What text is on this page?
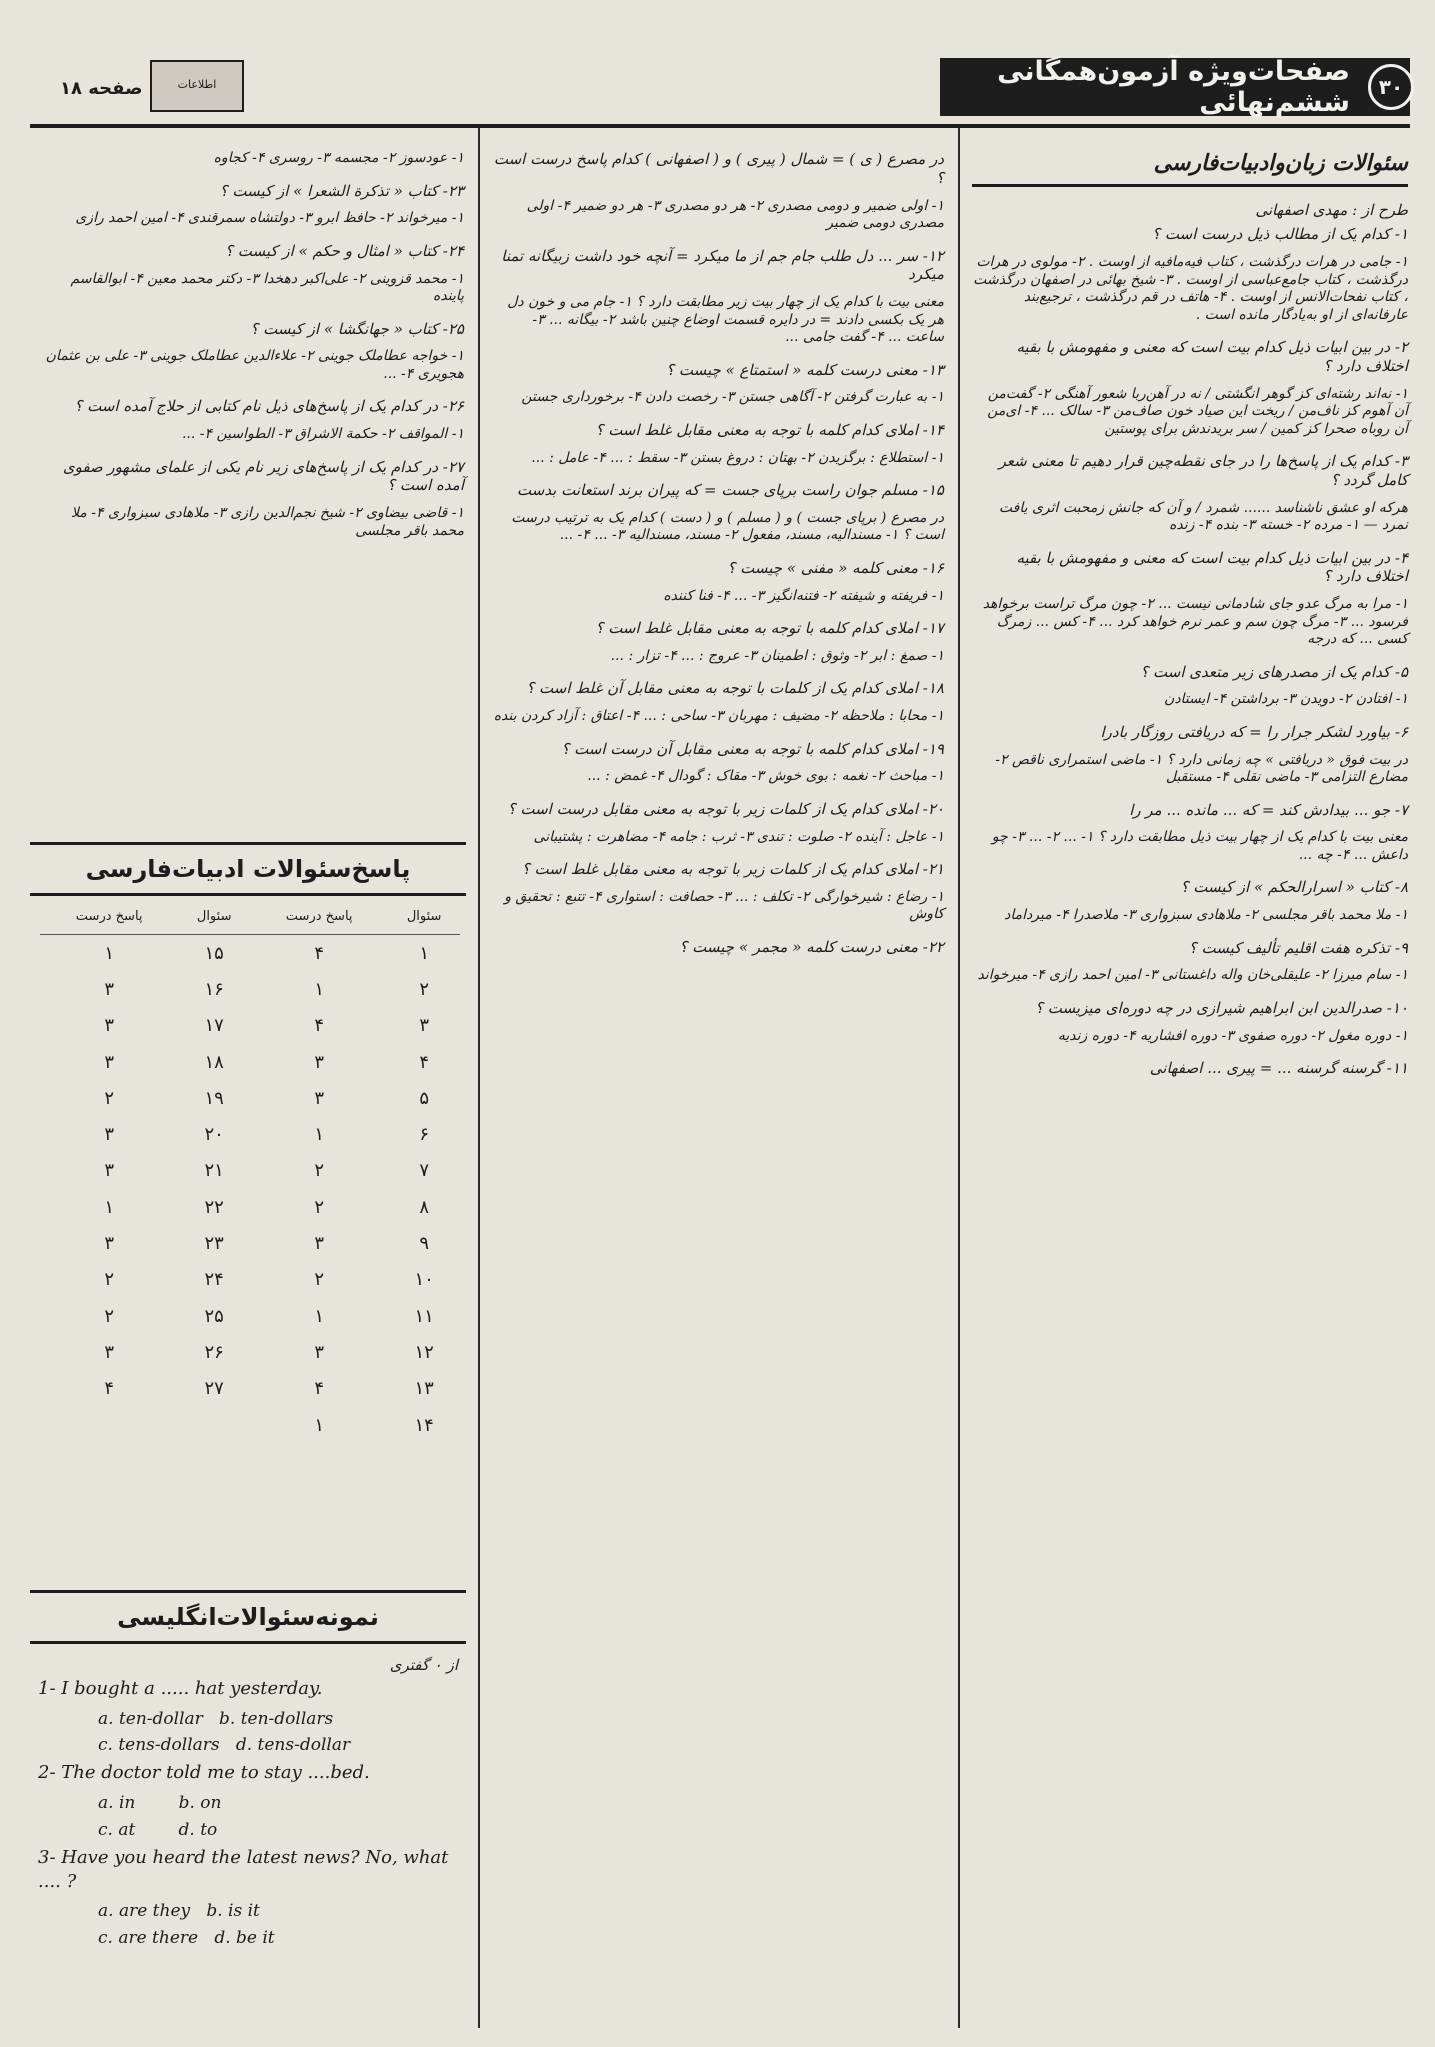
اطلاعات
صفحه ۱۸
صفحات‌ویژه آزمون‌همگانی‌ ششم‌نهائی	۳۰
سئوالات زبان‌وادبیات‌فارسی

طرح از : مهدی اصفهانی

۱- کدام یک از مطالب ذیل درست است ؟

۱- جامی در هرات درگذشت ، کتاب فیه‌مافیه از اوست . ۲- مولوی در هرات درگذشت ، کتاب جامع‌عباسی از اوست . ۳- شیخ بهائی در اصفهان درگذشت ، کتاب نفحات‌الانس از اوست . ۴- هاتف در قم درگذشت ، ترجیع‌بند عارفانه‌ای از او به‌یادگار مانده است .

۲- در بین ابیات ذیل کدام بیت است که معنی و مفهومش با بقیه اختلاف دارد ؟

۱- نه‌اند رشته‌ای کز گوهر انگشتی / نه در آهن‌ربا شعور آهنگی ۲- گفت‌من آن آهوم کز ناف‌من / ریخت این صیاد خون صاف‌من ۳- سالک ... ۴- ای‌من آن روباه صحرا کز کمین / سر بریدندش برای پوستین

۳- کدام یک از پاسخ‌ها را در جای نقطه‌چین قرار دهیم تا معنی شعر کامل گردد ؟

هرکه او عشق ناشناسد ...... شمرد / و آن که جانش زمحبت اثری یافت نمرد — ۱- مرده ۲- خسته ۳- بنده ۴- زنده

۴- در بین ابیات ذیل کدام بیت است که معنی و مفهومش با بقیه اختلاف دارد ؟

۱- مرا به مرگ عدو جای شادمانی نیست ... ۲- چون مرگ تراست برخواهد فرسود ... ۳- مرگ چون سم و عمر نرم خواهد کرد ... ۴- کس ... زمرگ کسی ... که درجه

۵- کدام یک از مصدرهای زیر متعدی است ؟

۱- افتادن ۲- دویدن ۳- برداشتن ۴- ایستادن

۶- بیاورد لشکر جرار را = که دریافتی روزگار بادرا

در بیت فوق « دریافتی » چه زمانی دارد ؟ ۱- ماضی استمراری ناقص ۲- مضارع التزامی ۳- ماضی نقلی ۴- مستقبل

۷- جو ... بیدادش کند = که ... مانده ... مر را

معنی بیت با کدام یک از چهار بیت ذیل مطابقت دارد ؟ ۱- ... ۲- ... ۳- چو داعش ... ۴- چه ...

۸- کتاب « اسرارالحکم » از کیست ؟

۱- ملا محمد باقر مجلسی ۲- ملاهادی سبزواری ۳- ملاصدرا ۴- میرداماد

۹- تذکره هفت اقلیم تألیف کیست ؟

۱- سام میرزا ۲- علیقلی‌خان واله داغستانی ۳- امین احمد رازی ۴- میرخواند

۱۰- صدرالدین ابن ابراهیم شیرازی در چه دوره‌ای میزیست ؟

۱- دوره مغول ۲- دوره صفوی ۳- دوره افشاریه ۴- دوره زندیه

۱۱- گرسنه گرسنه ... = پیری ... اصفهانی

در مصرع ( ی ) = شمال ( پیری ) و ( اصفهانی ) کدام پاسخ درست است ؟

۱- اولی ضمیر و دومی مصدری ۲- هر دو مصدری ۳- هر دو ضمیر ۴- اولی مصدری دومی ضمیر

۱۲- سر ... دل طلب جام جم از ما میکرد = آنچه خود داشت زبیگانه تمنا میکرد

معنی بیت با کدام یک از چهار بیت زیر مطابقت دارد ؟ ۱- جام می و خون دل هر یک بکسی دادند = در دایره قسمت اوضاع چنین باشد ۲- بیگانه ... ۳- ساعت ... ۴- گفت جامی ...

۱۳- معنی درست کلمه « استمتاع » چیست ؟

۱- به عبارت گرفتن ۲- آگاهی جستن ۳- رخصت دادن ۴- برخورداری جستن

۱۴- املای کدام کلمه با توجه به معنی مقابل غلط است ؟

۱- استطلاع : برگزیدن ۲- بهتان : دروغ بستن ۳- سقط : ... ۴- عامل : ...

۱۵- مسلم جوان راست برپای جست = که پیران برند استعانت بدست

در مصرع ( برپای جست ) و ( مسلم ) و ( دست ) کدام یک به ترتیب درست است ؟ ۱- مسندالیه، مسند، مفعول ۲- مسند، مسندالیه ۳- ... ۴- ...

۱۶- معنی کلمه « مفنی » چیست ؟

۱- فریفته و شیفته ۲- فتنه‌انگیز ۳- ... ۴- فنا کننده

۱۷- املای کدام کلمه با توجه به معنی مقابل غلط است ؟

۱- صمغ : ابر ۲- وثوق : اطمینان ۳- عروج : ... ۴- تزار : ...

۱۸- املای کدام یک از کلمات با توجه به معنی مقابل آن غلط است ؟

۱- محابا : ملاحظه ۲- مضیف : مهربان ۳- ساحی : ... ۴- اعتاق : آزاد کردن بنده

۱۹- املای کدام کلمه با توجه به معنی مقابل آن درست است ؟

۱- مباحث ۲- نغمه : بوی خوش ۳- مقاک : گودال ۴- غمض : ...

۲۰- املای کدام یک از کلمات زیر با توجه به معنی مقابل درست است ؟

۱- عاجل : آینده ۲- صلوت : تندی ۳- ثرب : جامه ۴- مضاهرت : پشتیبانی

۲۱- املای کدام یک از کلمات زیر با توجه به معنی مقابل غلط است ؟

۱- رضاع : شیرخوارگی ۲- تکلف : ... ۳- حصافت : استواری ۴- تتبع : تحقیق و کاوش

۲۲- معنی درست کلمه « مجمر » چیست ؟

۱- عودسوز ۲- مجسمه ۳- روسری ۴- کجاوه

۲۳- کتاب « تذکرة الشعرا » از کیست ؟

۱- میرخواند ۲- حافظ ابرو ۳- دولتشاه سمرقندی ۴- امین احمد رازی

۲۴- کتاب « امثال و حکم » از کیست ؟

۱- محمد قزوینی ۲- علی‌اکبر دهخدا ۳- دکتر محمد معین ۴- ابوالقاسم پاینده

۲۵- کتاب « جهانگشا » از کیست ؟

۱- خواجه عطاملک جوینی ۲- علاءالدین عطاملک جوینی ۳- علی بن عثمان هجویری ۴- ...

۲۶- در کدام یک از پاسخ‌های ذیل نام کتابی از حلاج آمده است ؟

۱- المواقف ۲- حکمة الاشراق ۳- الطواسین ۴- ...

۲۷- در کدام یک از پاسخ‌های زیر نام یکی از علمای مشهور صفوی آمده است ؟

۱- قاضی بیضاوی ۲- شیخ نجم‌الدین رازی ۳- ملاهادی سبزواری ۴- ملا محمد باقر مجلسی

پاسخ‌سئوالات ادبیات‌فارسی
سئوال	پاسخ درست	سئوال	پاسخ درست
۱	۴	۱۵	۱
۲	۱	۱۶	۳
۳	۴	۱۷	۳
۴	۳	۱۸	۳
۵	۳	۱۹	۲
۶	۱	۲۰	۳
۷	۲	۲۱	۳
۸	۲	۲۲	۱
۹	۳	۲۳	۳
۱۰	۲	۲۴	۲
۱۱	۱	۲۵	۲
۱۲	۳	۲۶	۳
۱۳	۴	۲۷	۴
۱۴	۱		
نمونه‌سئوالات‌انگلیسی

از ۰ گفتری

1- I bought a ..... hat yesterday.

a. ten-dollar b. ten-dollars

c. tens-dollars d. tens-dollar

2- The doctor told me to stay ....bed.

a. in	b. on

c. at	d. to

3- Have you heard the latest news? No, what .... ?

a. are they b. is it

c. are there d. be it
